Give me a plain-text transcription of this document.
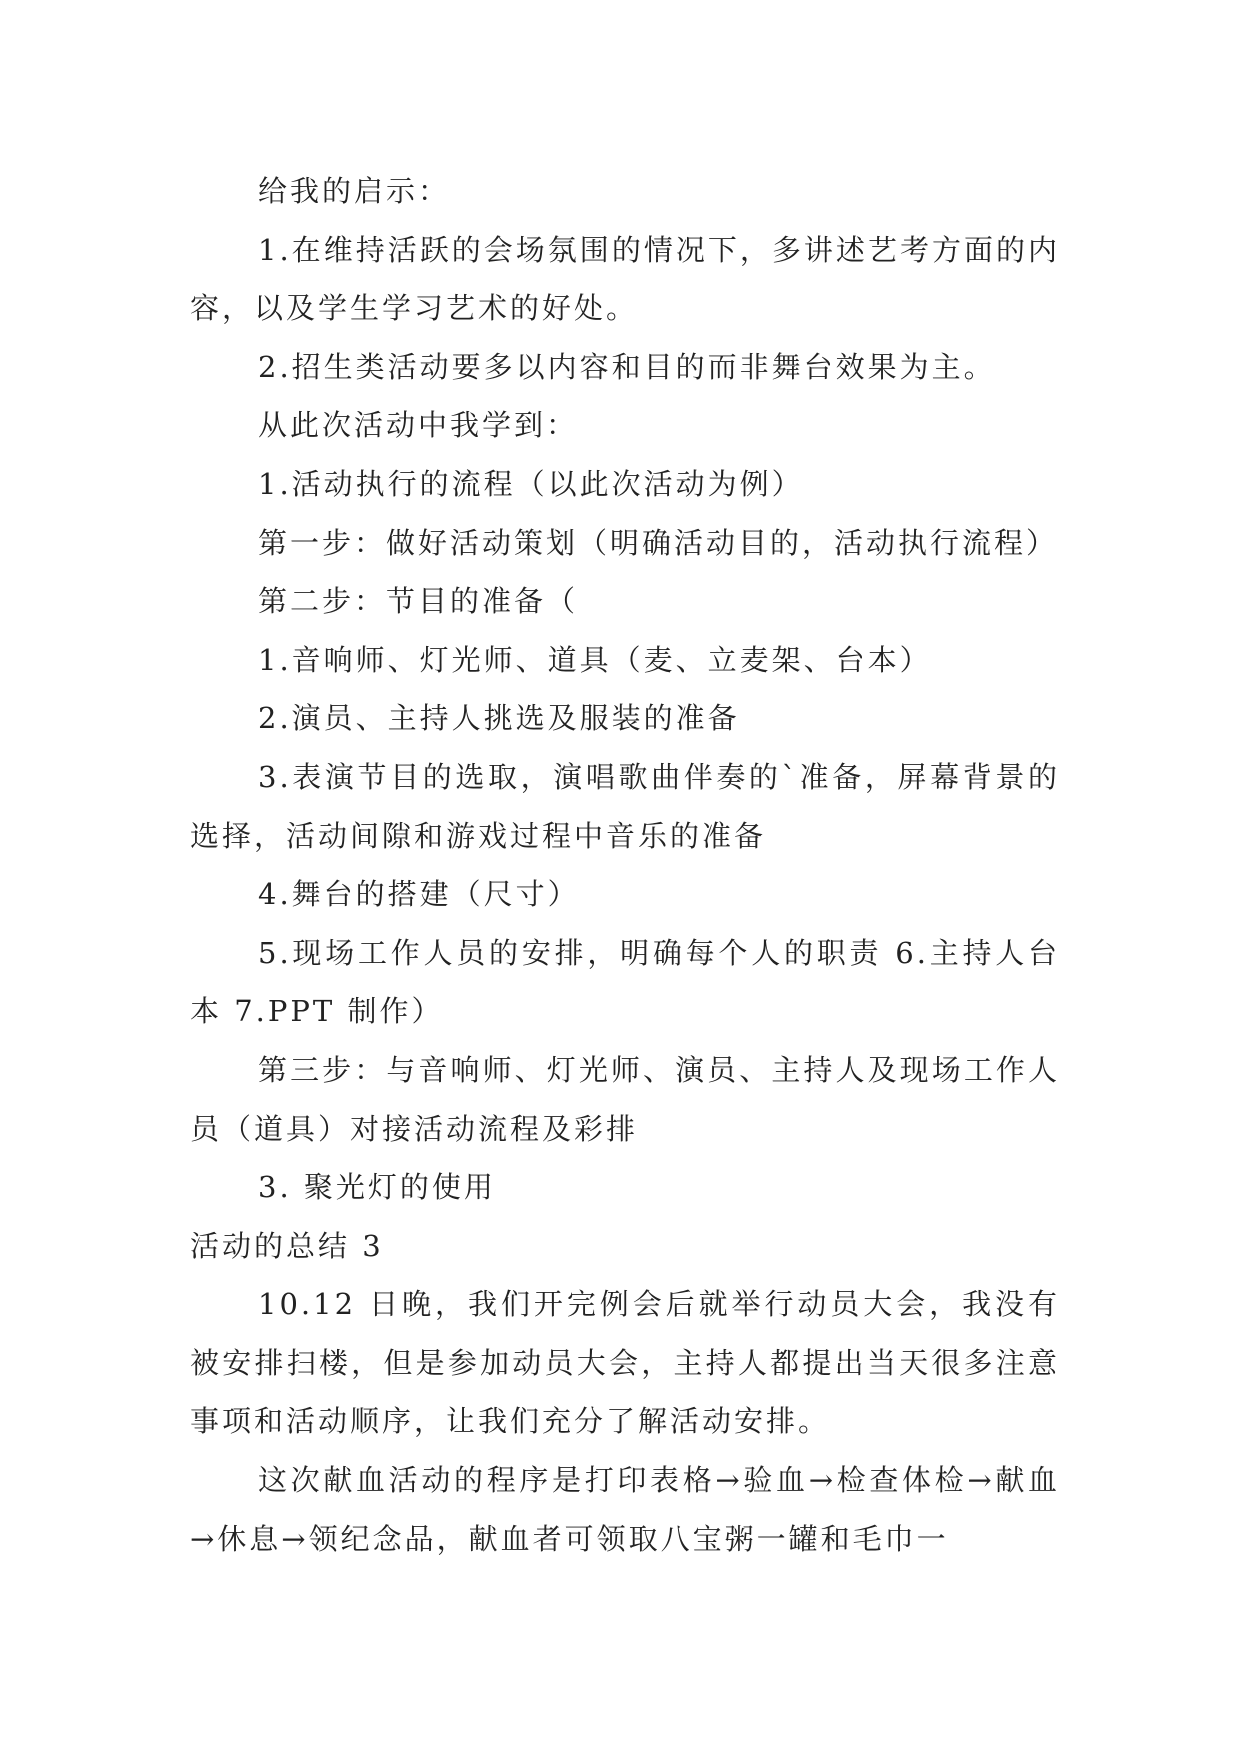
给我的启示：

1.在维持活跃的会场氛围的情况下，多讲述艺考方面的内容，以及学生学习艺术的好处。

2.招生类活动要多以内容和目的而非舞台效果为主。

从此次活动中我学到：

1.活动执行的流程（以此次活动为例）

第一步：做好活动策划（明确活动目的，活动执行流程）

第二步：节目的准备（

1.音响师、灯光师、道具（麦、立麦架、台本）

2.演员、主持人挑选及服装的准备

3.表演节目的选取，演唱歌曲伴奏的`准备，屏幕背景的选择，活动间隙和游戏过程中音乐的准备

4.舞台的搭建（尺寸）

5.现场工作人员的安排，明确每个人的职责 6.主持人台本 7.PPT 制作）

第三步：与音响师、灯光师、演员、主持人及现场工作人员（道具）对接活动流程及彩排

3. 聚光灯的使用

活动的总结 3

10.12 日晚，我们开完例会后就举行动员大会，我没有被安排扫楼，但是参加动员大会，主持人都提出当天很多注意事项和活动顺序，让我们充分了解活动安排。

这次献血活动的程序是打印表格→验血→检查体检→献血→休息→领纪念品，献血者可领取八宝粥一罐和毛巾一
